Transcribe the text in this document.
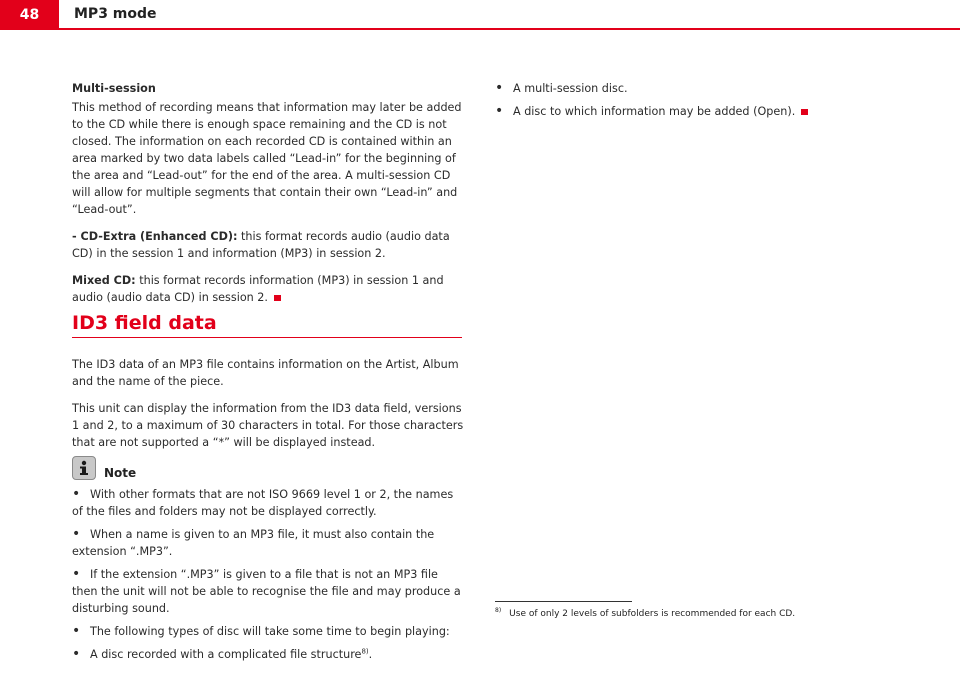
48	MP3 mode
Multi-session

This method of recording means that information may later be added to the CD while there is enough space remaining and the CD is not closed. The information on each recorded CD is contained within an area marked by two data labels called “Lead-in” for the beginning of the area and “Lead-out” for the end of the area. A multi-session CD will allow for multiple segments that contain their own “Lead-in” and “Lead-out”.

- CD-Extra (Enhanced CD): this format records audio (audio data CD) in the session 1 and information (MP3) in session 2.

Mixed CD: this format records information (MP3) in session 1 and audio (audio data CD) in session 2.

ID3 field data

The ID3 data of an MP3 file contains information on the Artist, Album and the name of the piece.

This unit can display the information from the ID3 data field, versions 1 and 2, to a maximum of 30 characters in total. For those characters that are not supported a “*” will be displayed instead.

Note
• With other formats that are not ISO 9669 level 1 or 2, the names of the files and folders may not be displayed correctly.
• When a name is given to an MP3 file, it must also contain the extension “.MP3”.
• If the extension “.MP3” is given to a file that is not an MP3 file then the unit will not be able to recognise the file and may produce a disturbing sound.
• The following types of disc will take some time to begin playing:
• A disc recorded with a complicated file structure$^{8)}$.
• A multi-session disc.
• A disc to which information may be added (Open).
$^{8)}$ Use of only 2 levels of subfolders is recommended for each CD.
